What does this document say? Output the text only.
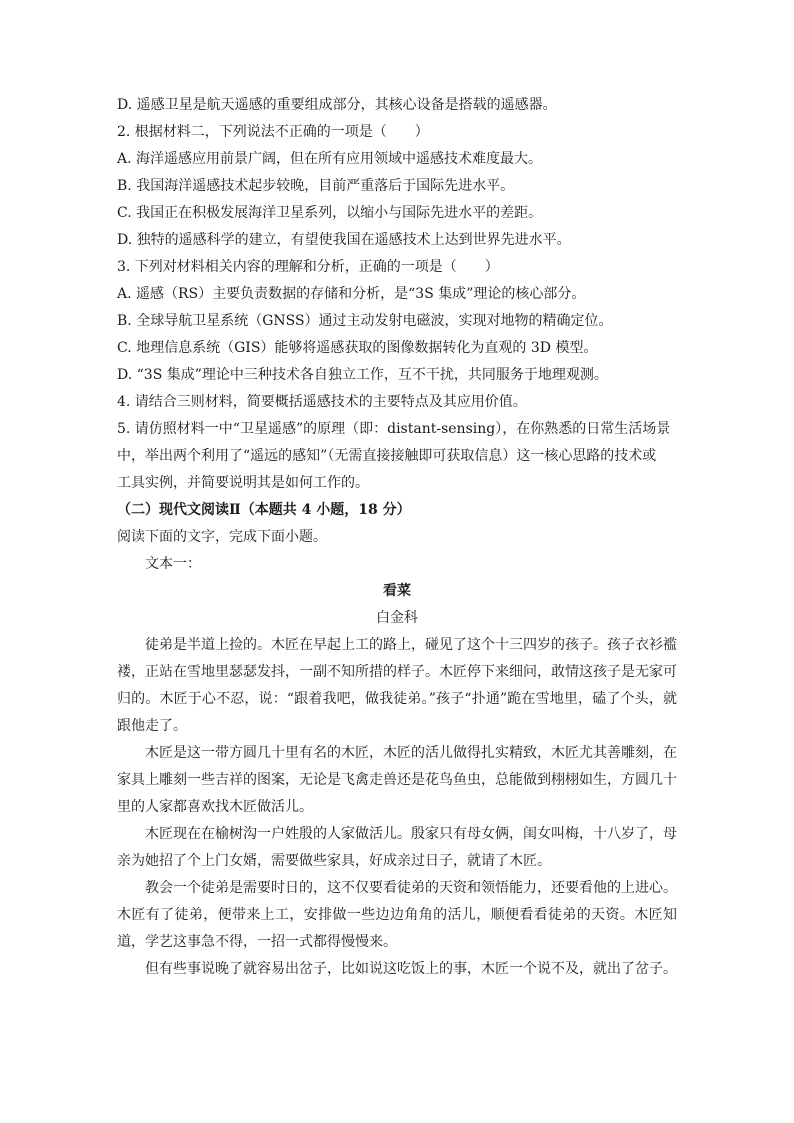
D. 遥感卫星是航天遥感的重要组成部分，其核心设备是搭载的遥感器。
2. 根据材料二，下列说法不正确的一项是（　　）
A. 海洋遥感应用前景广阔，但在所有应用领域中遥感技术难度最大。
B. 我国海洋遥感技术起步较晚，目前严重落后于国际先进水平。
C. 我国正在积极发展海洋卫星系列，以缩小与国际先进水平的差距。
D. 独特的遥感科学的建立，有望使我国在遥感技术上达到世界先进水平。
3. 下列对材料相关内容的理解和分析，正确的一项是（　　）
A. 遥感（RS）主要负责数据的存储和分析，是“3S 集成”理论的核心部分。
B. 全球导航卫星系统（GNSS）通过主动发射电磁波，实现对地物的精确定位。
C. 地理信息系统（GIS）能够将遥感获取的图像数据转化为直观的 3D 模型。
D. “3S 集成”理论中三种技术各自独立工作，互不干扰，共同服务于地理观测。
4. 请结合三则材料，简要概括遥感技术的主要特点及其应用价值。
5. 请仿照材料一中“卫星遥感”的原理（即：distant-sensing），在你熟悉的日常生活场景
中，举出两个利用了“遥远的感知”（无需直接接触即可获取信息）这一核心思路的技术或
工具实例，并简要说明其是如何工作的。
（二）现代文阅读Ⅱ（本题共 4 小题，18 分）
阅读下面的文字，完成下面小题。
文本一：
看菜
白金科

徒弟是半道上捡的。木匠在早起上工的路上，碰见了这个十三四岁的孩子。孩子衣衫褴褛，正站在雪地里瑟瑟发抖，一副不知所措的样子。木匠停下来细问，敢情这孩子是无家可归的。木匠于心不忍，说：“跟着我吧，做我徒弟。”孩子“扑通”跪在雪地里，磕了个头，就跟他走了。

木匠是这一带方圆几十里有名的木匠，木匠的活儿做得扎实精致，木匠尤其善雕刻，在家具上雕刻一些吉祥的图案，无论是飞禽走兽还是花鸟鱼虫，总能做到栩栩如生，方圆几十里的人家都喜欢找木匠做活儿。

木匠现在在榆树沟一户姓殷的人家做活儿。殷家只有母女俩，闺女叫梅，十八岁了，母亲为她招了个上门女婿，需要做些家具，好成亲过日子，就请了木匠。

教会一个徒弟是需要时日的，这不仅要看徒弟的天资和领悟能力，还要看他的上进心。木匠有了徒弟，便带来上工，安排做一些边边角角的活儿，顺便看看徒弟的天资。木匠知道，学艺这事急不得，一招一式都得慢慢来。

但有些事说晚了就容易出岔子，比如说这吃饭上的事，木匠一个说不及，就出了岔子。
